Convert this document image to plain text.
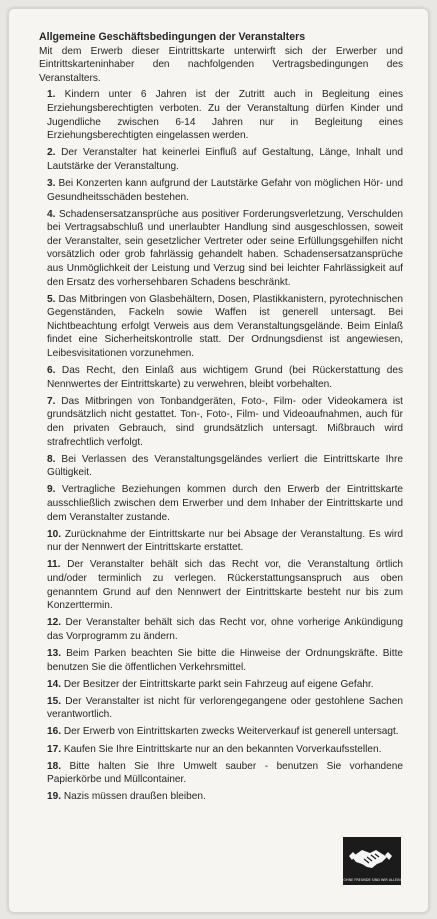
Allgemeine Geschäftsbedingungen der Veranstalters

Mit dem Erwerb dieser Eintrittskarte unterwirft sich der Erwerber und Eintrittskarteninhaber den nachfolgenden Vertragsbedingungen des Veranstalters.

1. Kindern unter 6 Jahren ist der Zutritt auch in Begleitung eines Erziehungsberechtigten verboten. Zu der Veranstaltung dürfen Kinder und Jugendliche zwischen 6-14 Jahren nur in Begleitung eines Erziehungsberechtigten eingelassen werden.

2. Der Veranstalter hat keinerlei Einfluß auf Gestaltung, Länge, Inhalt und Lautstärke der Veranstaltung.

3. Bei Konzerten kann aufgrund der Lautstärke Gefahr von möglichen Hör- und Gesundheitsschäden bestehen.

4. Schadensersatzansprüche aus positiver Forderungsverletzung, Verschulden bei Vertragsabschluß und unerlaubter Handlung sind ausgeschlossen, soweit der Veranstalter, sein gesetzlicher Vertreter oder seine Erfüllungsgehilfen nicht vorsätzlich oder grob fahrlässig gehandelt haben. Schadensersatzansprüche aus Unmöglichkeit der Leistung und Verzug sind bei leichter Fahrlässigkeit auf den Ersatz des vorhersehbaren Schadens beschränkt.

5. Das Mitbringen von Glasbehältern, Dosen, Plastikkanistern, pyrotechnischen Gegenständen, Fackeln sowie Waffen ist generell untersagt. Bei Nichtbeachtung erfolgt Verweis aus dem Veranstaltungsgelände. Beim Einlaß findet eine Sicherheitskontrolle statt. Der Ordnungsdienst ist angewiesen, Leibesvisitationen vorzunehmen.

6. Das Recht, den Einlaß aus wichtigem Grund (bei Rückerstattung des Nennwertes der Eintrittskarte) zu verwehren, bleibt vorbehalten.

7. Das Mitbringen von Tonbandgeräten, Foto-, Film- oder Videokamera ist grundsätzlich nicht gestattet. Ton-, Foto-, Film- und Videoaufnahmen, auch für den privaten Gebrauch, sind grundsätzlich untersagt. Mißbrauch wird strafrechtlich verfolgt.

8. Bei Verlassen des Veranstaltungsgeländes verliert die Eintrittskarte Ihre Gültigkeit.

9. Vertragliche Beziehungen kommen durch den Erwerb der Eintrittskarte ausschließlich zwischen dem Erwerber und dem Inhaber der Eintrittskarte und dem Veranstalter zustande.

10. Zurücknahme der Eintrittskarte nur bei Absage der Veranstaltung. Es wird nur der Nennwert der Eintrittskarte erstattet.

11. Der Veranstalter behält sich das Recht vor, die Veranstaltung örtlich und/oder terminlich zu verlegen. Rückerstattungsanspruch aus oben genanntem Grund auf den Nennwert der Eintrittskarte besteht nur bis zum Konzerttermin.

12. Der Veranstalter behält sich das Recht vor, ohne vorherige Ankündigung das Vorprogramm zu ändern.

13. Beim Parken beachten Sie bitte die Hinweise der Ordnungskräfte. Bitte benutzen Sie die öffentlichen Verkehrsmittel.

14. Der Besitzer der Eintrittskarte parkt sein Fahrzeug auf eigene Gefahr.

15. Der Veranstalter ist nicht für verlorengegangene oder gestohlene Sachen verantwortlich.

16. Der Erwerb von Eintrittskarten zwecks Weiterverkauf ist generell untersagt.

17. Kaufen Sie Ihre Eintrittskarte nur an den bekannten Vorverkaufsstellen.

18. Bitte halten Sie Ihre Umwelt sauber - benutzen Sie vorhandene Papierkörbe und Müllcontainer.

19. Nazis müssen draußen bleiben.

OHNE FREUNDE SIND WIR ALLEIN
